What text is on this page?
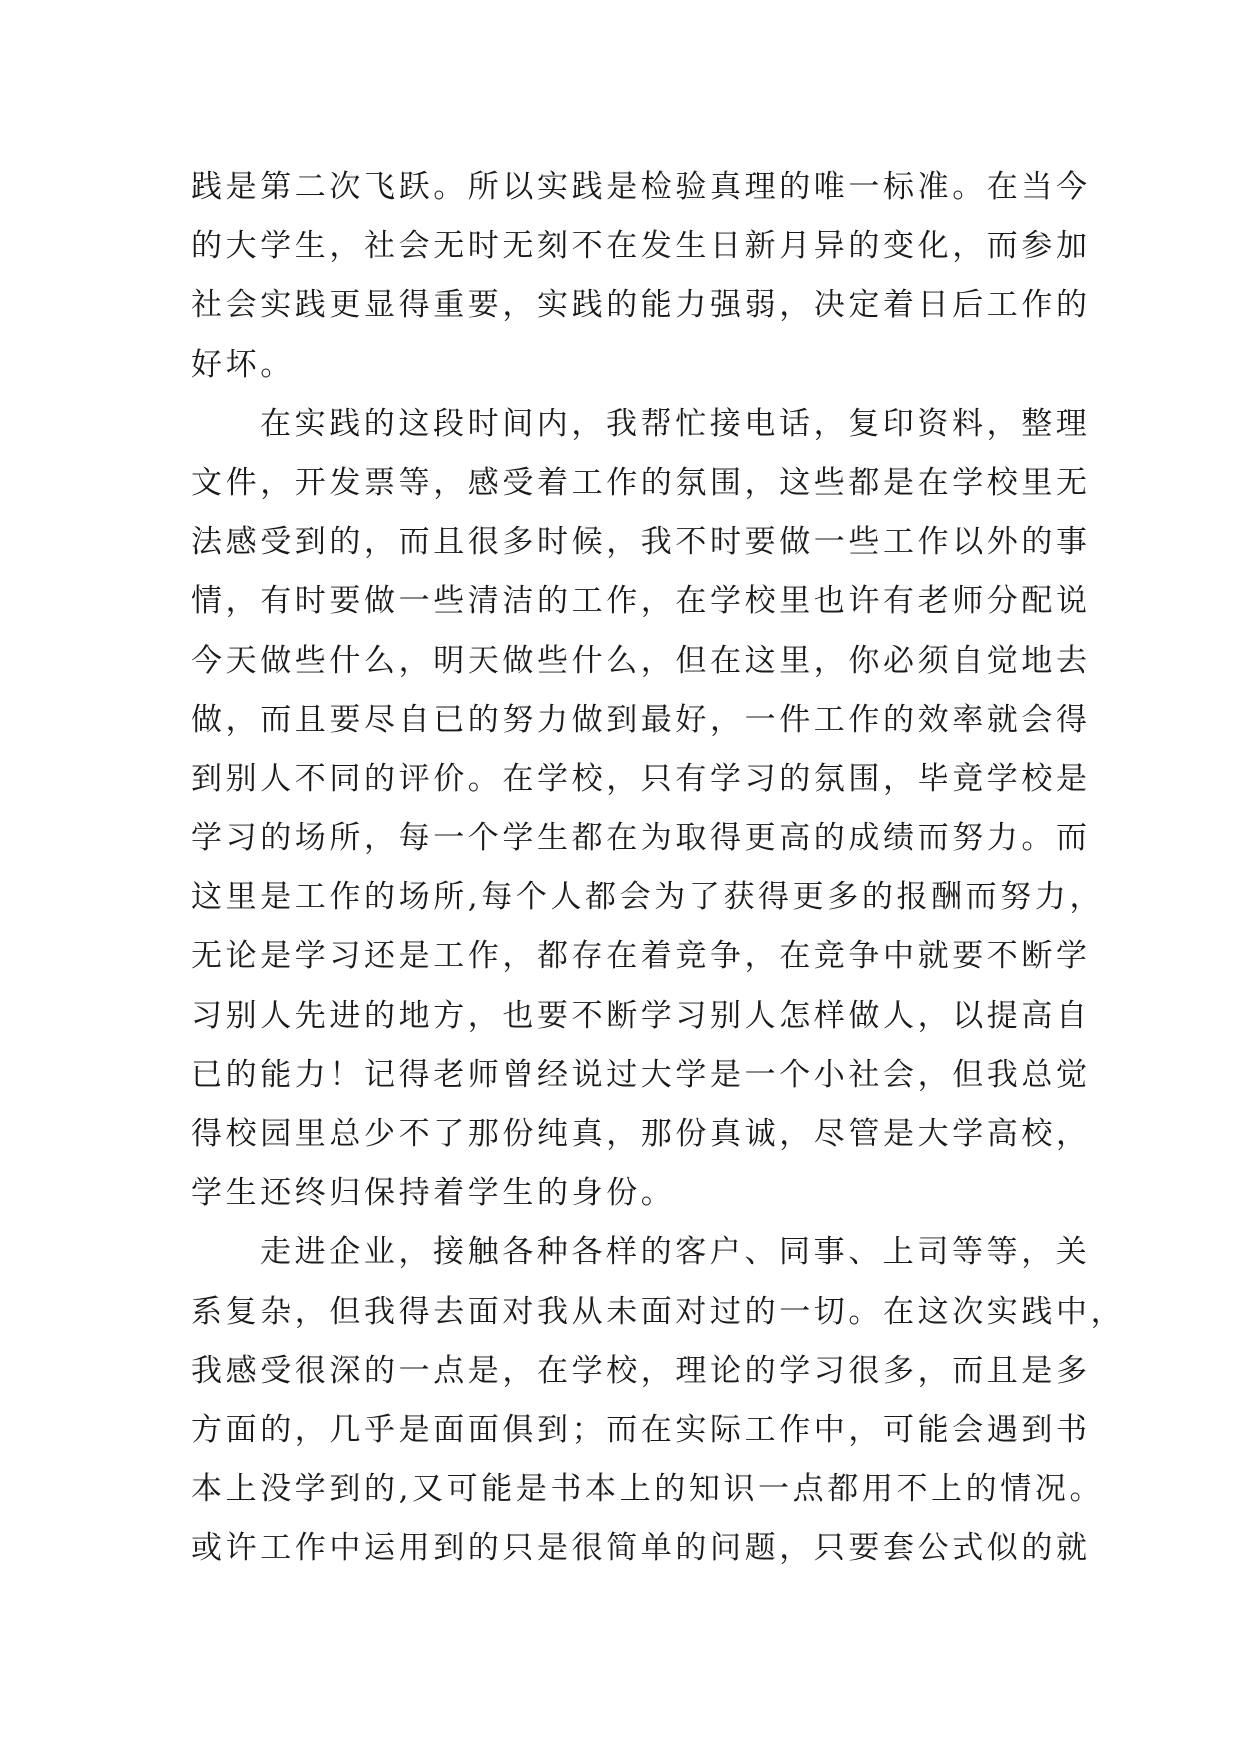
践是第二次飞跃。所以实践是检验真理的唯一标准。在当今
的大学生，社会无时无刻不在发生日新月异的变化，而参加
社会实践更显得重要，实践的能力强弱，决定着日后工作的
好坏。
在实践的这段时间内，我帮忙接电话，复印资料，整理
文件，开发票等，感受着工作的氛围，这些都是在学校里无
法感受到的，而且很多时候，我不时要做一些工作以外的事
情，有时要做一些清洁的工作，在学校里也许有老师分配说
今天做些什么，明天做些什么，但在这里，你必须自觉地去
做，而且要尽自已的努力做到最好，一件工作的效率就会得
到别人不同的评价。在学校，只有学习的氛围，毕竟学校是
学习的场所，每一个学生都在为取得更高的成绩而努力。而
这里是工作的场所,每个人都会为了获得更多的报酬而努力，
无论是学习还是工作，都存在着竞争，在竞争中就要不断学
习别人先进的地方，也要不断学习别人怎样做人，以提高自
已的能力！记得老师曾经说过大学是一个小社会，但我总觉
得校园里总少不了那份纯真，那份真诚，尽管是大学高校，
学生还终归保持着学生的身份。
走进企业，接触各种各样的客户、同事、上司等等，关
系复杂，但我得去面对我从未面对过的一切。在这次实践中，
我感受很深的一点是，在学校，理论的学习很多，而且是多
方面的，几乎是面面俱到；而在实际工作中，可能会遇到书
本上没学到的,又可能是书本上的知识一点都用不上的情况。
或许工作中运用到的只是很简单的问题，只要套公式似的就
